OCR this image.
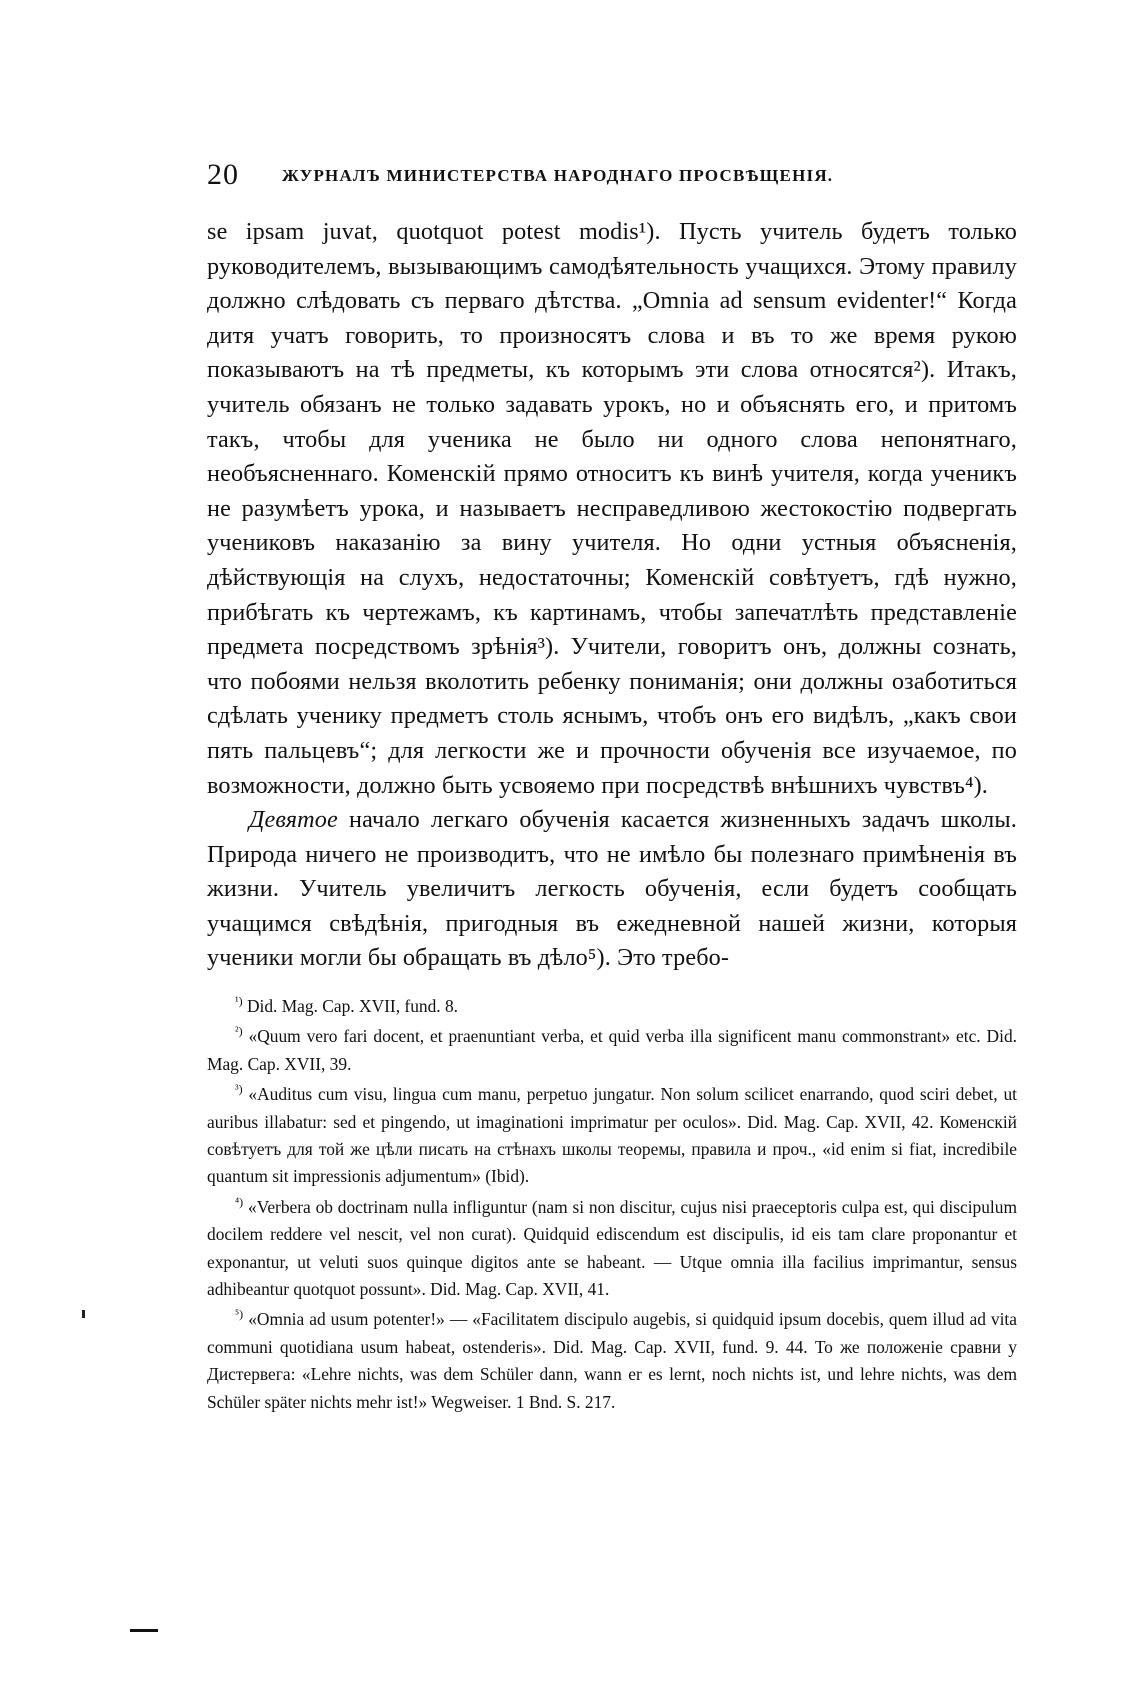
20	ЖУРНАЛЪ МИНИСТЕРСТВА НАРОДНАГО ПРОСВѢЩЕНІЯ.

se ipsam juvat, quotquot potest modis¹). Пусть учитель будетъ только руководителемъ, вызывающимъ самодѣятельность учащихся. Этому правилу должно слѣдовать съ перваго дѣтства. „Omnia ad sensum evidenter!“ Когда дитя учатъ говорить, то произносятъ слова и въ то же время рукою показываютъ на тѣ предметы, къ которымъ эти слова относятся²). Итакъ, учитель обязанъ не только задавать урокъ, но и объяснять его, и притомъ такъ, чтобы для ученика не было ни одного слова непонятнаго, необъясненнаго. Коменскій прямо относитъ къ винѣ учителя, когда ученикъ не разумѣетъ урока, и называетъ несправедливою жестокостію подвергать учениковъ наказанію за вину учителя. Но одни устныя объясненія, дѣйствующія на слухъ, недостаточны; Коменскій совѣтуетъ, гдѣ нужно, прибѣгать къ чертежамъ, къ картинамъ, чтобы запечатлѣть представленіе предмета посредствомъ зрѣнія³). Учители, говоритъ онъ, должны сознать, что побоями нельзя вколотить ребенку пониманія; они должны озаботиться сдѣлать ученику предметъ столь яснымъ, чтобъ онъ его видѣлъ, „какъ свои пять пальцевъ“; для легкости же и прочности обученія все изучаемое, по возможности, должно быть усвояемо при посредствѣ внѣшнихъ чувствъ⁴).

Девятое начало легкаго обученія касается жизненныхъ задачъ школы. Природа ничего не производитъ, что не имѣло бы полезнаго примѣненія въ жизни. Учитель увеличитъ легкость обученія, если будетъ сообщать учащимся свѣдѣнія, пригодныя въ ежедневной нашей жизни, которыя ученики могли бы обращать въ дѣло⁵). Это требо-

$^{^1)}$ Did. Mag. Cap. XVII, fund. 8.

$^{^2)}$ «Quum vero fari docent, et praenuntiant verba, et quid verba illa significent manu commonstrant» etc. Did. Mag. Cap. XVII, 39.

$^{^3)}$ «Auditus cum visu, lingua cum manu, perpetuo jungatur. Non solum scilicet enarrando, quod sciri debet, ut auribus illabatur: sed et pingendo, ut imaginationi imprimatur per oculos». Did. Mag. Cap. XVII, 42. Коменскій совѣтуетъ для той же цѣли писать на стѣнахъ школы теоремы, правила и проч., «id enim si fiat, incredibile quantum sit impressionis adjumentum» (Ibid).

$^{^4)}$ «Verbera ob doctrinam nulla infliguntur (nam si non discitur, cujus nisi praeceptoris culpa est, qui discipulum docilem reddere vel nescit, vel non curat). Quidquid ediscendum est discipulis, id eis tam clare proponantur et exponantur, ut veluti suos quinque digitos ante se habeant. — Utque omnia illa facilius imprimantur, sensus adhibeantur quotquot possunt». Did. Mag. Cap. XVII, 41.

$^{^5)}$ «Omnia ad usum potenter!» — «Facilitatem discipulo augebis, si quidquid ipsum docebis, quem illud ad vita communi quotidiana usum habeat, ostenderis». Did. Mag. Cap. XVII, fund. 9. 44. То же положеніе сравни у Дистервега: «Lehre nichts, was dem Schüler dann, wann er es lernt, noch nichts ist, und lehre nichts, was dem Schüler später nichts mehr ist!» Wegweiser. 1 Bnd. S. 217.
